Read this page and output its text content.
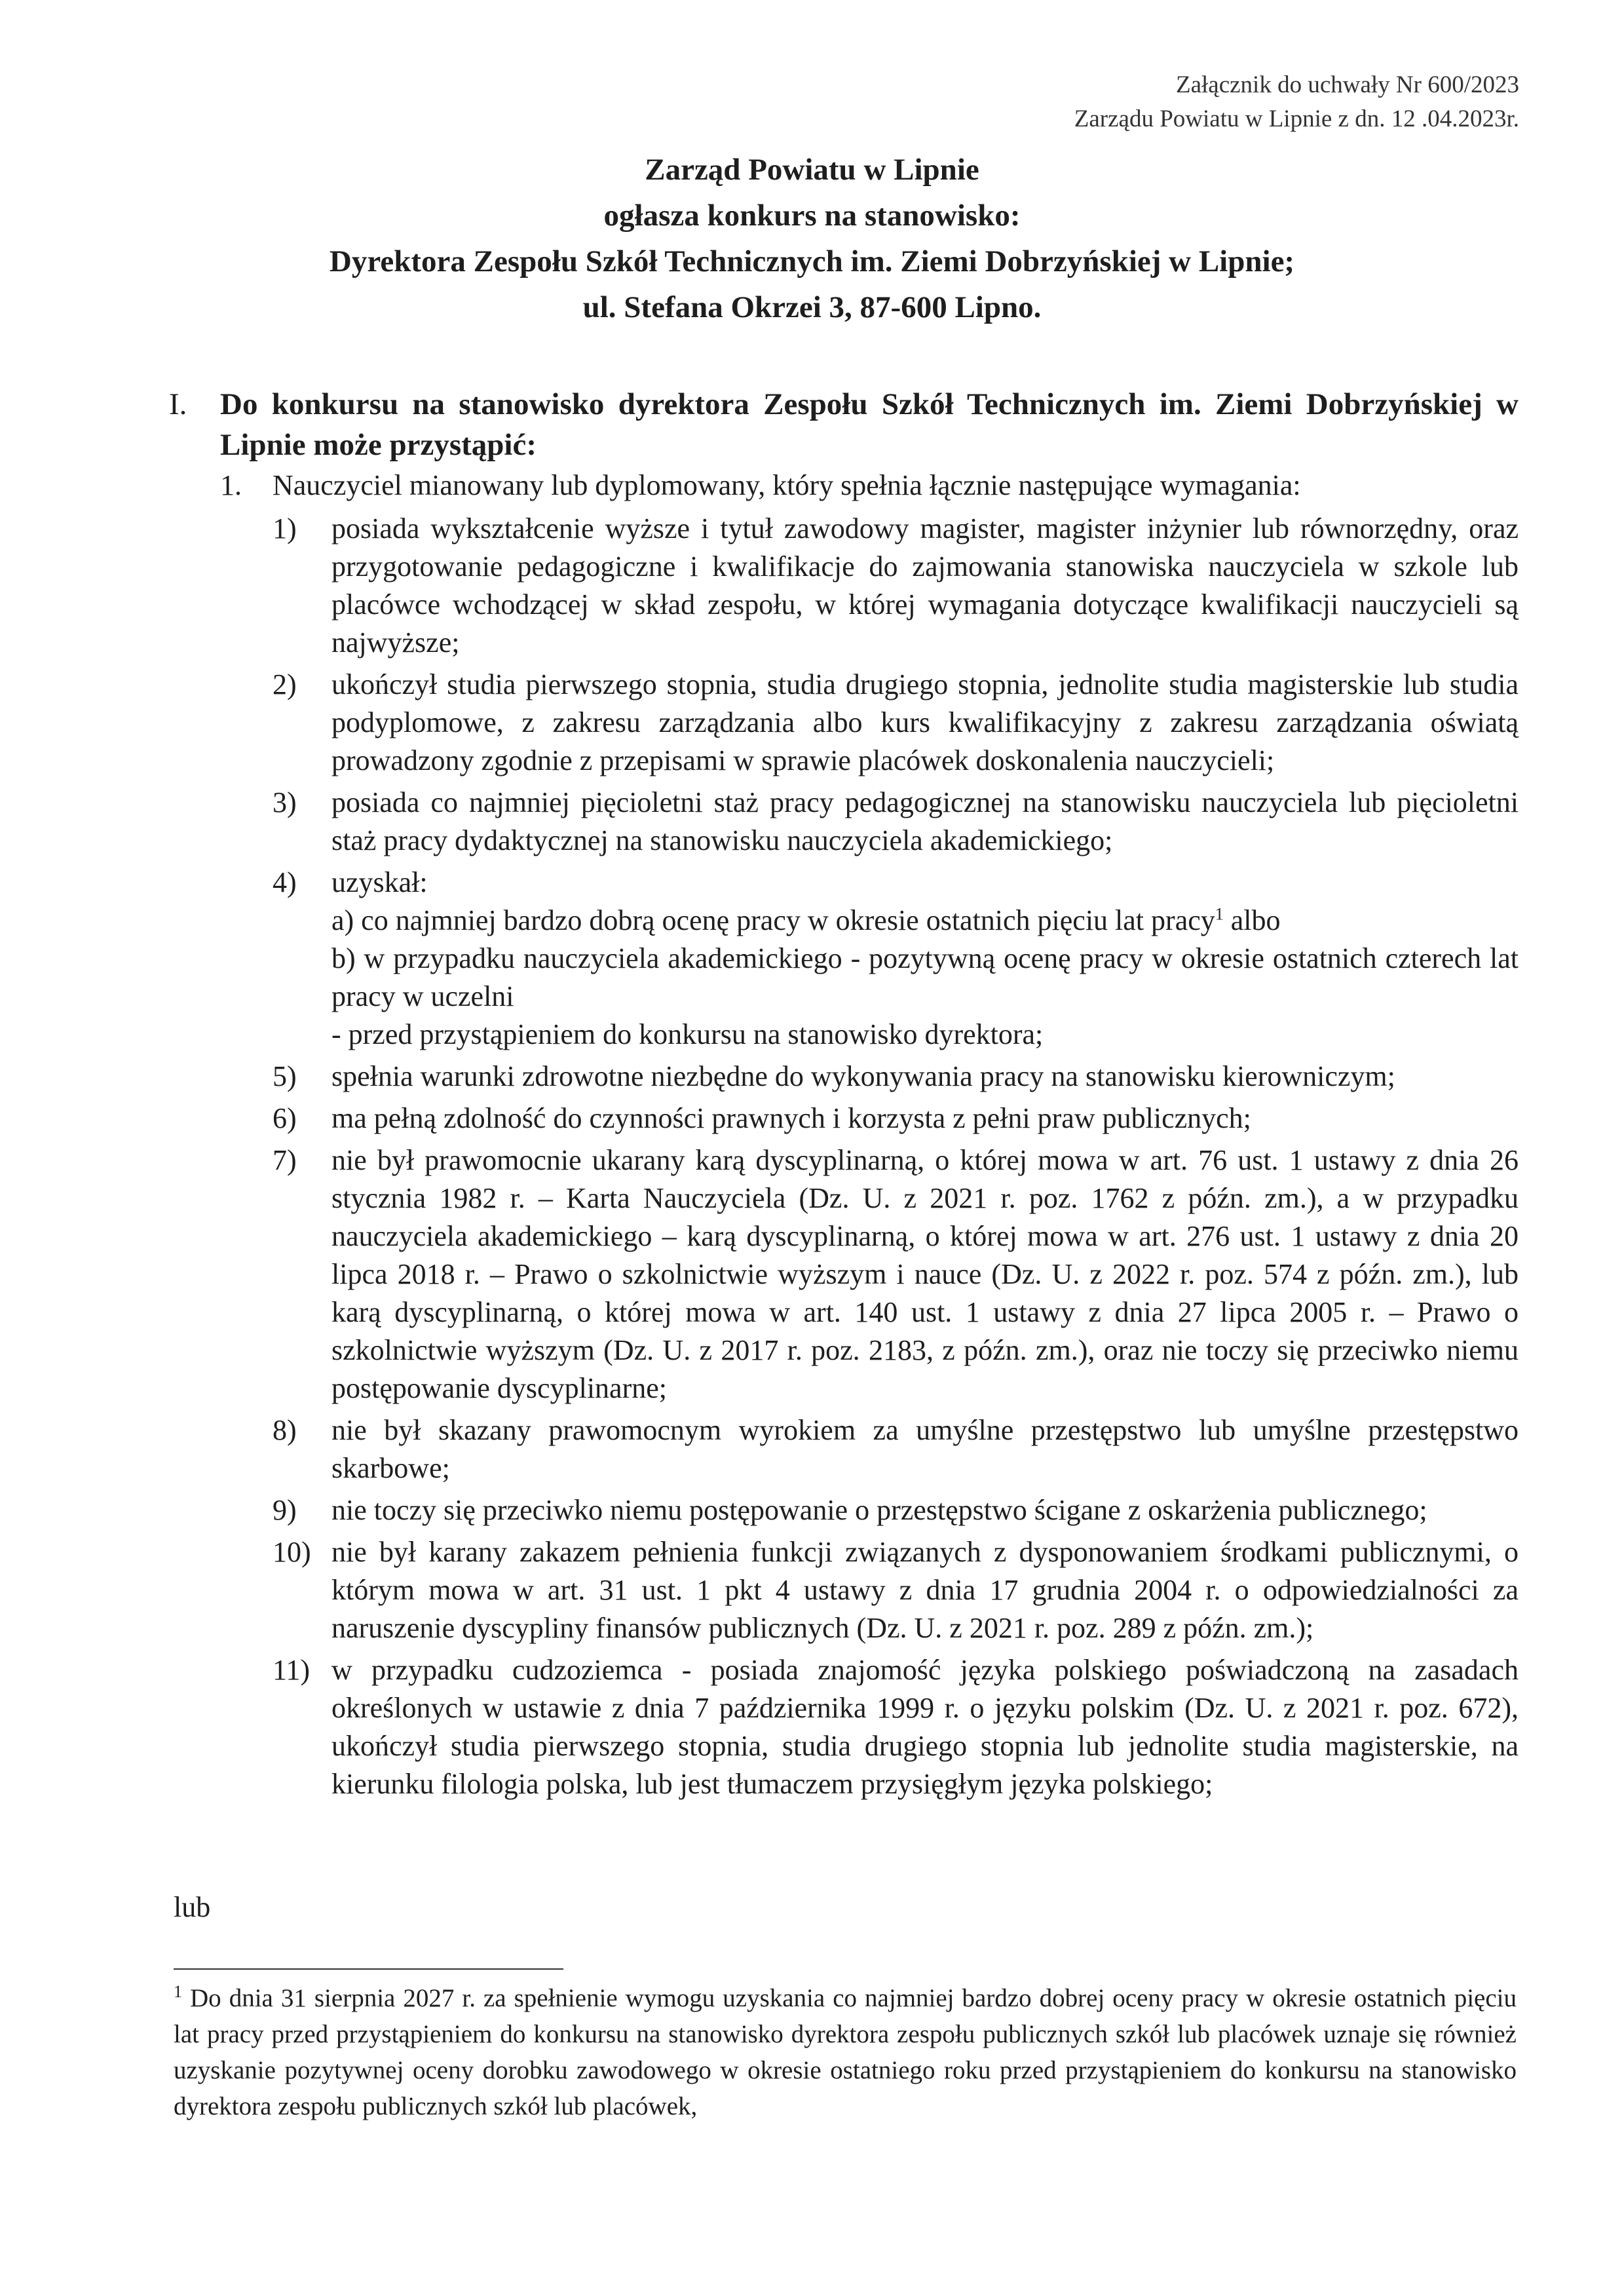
Załącznik do uchwały Nr 600/2023
Zarządu Powiatu w Lipnie z dn. 12 .04.2023r.
Zarząd Powiatu w Lipnie
ogłasza konkurs na stanowisko:
Dyrektora Zespołu Szkół Technicznych im. Ziemi Dobrzyńskiej w Lipnie;
ul. Stefana Okrzei 3, 87-600 Lipno.
I.	Do konkursu na stanowisko dyrektora Zespołu Szkół Technicznych im. Ziemi Dobrzyńskiej w Lipnie może przystąpić:
1.	Nauczyciel mianowany lub dyplomowany, który spełnia łącznie następujące wymagania:
1)	posiada wykształcenie wyższe i tytuł zawodowy magister, magister inżynier lub równorzędny, oraz przygotowanie pedagogiczne i kwalifikacje do zajmowania stanowiska nauczyciela w szkole lub placówce wchodzącej w skład zespołu, w której wymagania dotyczące kwalifikacji nauczycieli są najwyższe;
2)	ukończył studia pierwszego stopnia, studia drugiego stopnia, jednolite studia magisterskie lub studia podyplomowe, z zakresu zarządzania albo kurs kwalifikacyjny z zakresu zarządzania oświatą prowadzony zgodnie z przepisami w sprawie placówek doskonalenia nauczycieli;
3)	posiada co najmniej pięcioletni staż pracy pedagogicznej na stanowisku nauczyciela lub pięcioletni staż pracy dydaktycznej na stanowisku nauczyciela akademickiego;
4)	uzyskał:
a) co najmniej bardzo dobrą ocenę pracy w okresie ostatnich pięciu lat pracy$^1$ albo
b) w przypadku nauczyciela akademickiego - pozytywną ocenę pracy w okresie ostatnich czterech lat pracy w uczelni
- przed przystąpieniem do konkursu na stanowisko dyrektora;
5)	spełnia warunki zdrowotne niezbędne do wykonywania pracy na stanowisku kierowniczym;
6)	ma pełną zdolność do czynności prawnych i korzysta z pełni praw publicznych;
7)	nie był prawomocnie ukarany karą dyscyplinarną, o której mowa w art. 76 ust. 1 ustawy z dnia 26 stycznia 1982 r. – Karta Nauczyciela (Dz. U. z 2021 r. poz. 1762 z późn. zm.), a w przypadku nauczyciela akademickiego – karą dyscyplinarną, o której mowa w art. 276 ust. 1 ustawy z dnia 20 lipca 2018 r. – Prawo o szkolnictwie wyższym i nauce (Dz. U. z 2022 r. poz. 574 z późn. zm.), lub karą dyscyplinarną, o której mowa w art. 140 ust. 1 ustawy z dnia 27 lipca 2005 r. – Prawo o szkolnictwie wyższym (Dz. U. z 2017 r. poz. 2183, z późn. zm.), oraz nie toczy się przeciwko niemu postępowanie dyscyplinarne;
8)	nie był skazany prawomocnym wyrokiem za umyślne przestępstwo lub umyślne przestępstwo skarbowe;
9)	nie toczy się przeciwko niemu postępowanie o przestępstwo ścigane z oskarżenia publicznego;
10) nie był karany zakazem pełnienia funkcji związanych z dysponowaniem środkami publicznymi, o którym mowa w art. 31 ust. 1 pkt 4 ustawy z dnia 17 grudnia 2004 r. o odpowiedzialności za naruszenie dyscypliny finansów publicznych (Dz. U. z 2021 r. poz. 289 z późn. zm.);
11) w przypadku cudzoziemca - posiada znajomość języka polskiego poświadczoną na zasadach określonych w ustawie z dnia 7 października 1999 r. o języku polskim (Dz. U. z 2021 r. poz. 672), ukończył studia pierwszego stopnia, studia drugiego stopnia lub jednolite studia magisterskie, na kierunku filologia polska, lub jest tłumaczem przysięgłym języka polskiego;
lub
$^1$ Do dnia 31 sierpnia 2027 r. za spełnienie wymogu uzyskania co najmniej bardzo dobrej oceny pracy w okresie ostatnich pięciu lat pracy przed przystąpieniem do konkursu na stanowisko dyrektora zespołu publicznych szkół lub placówek uznaje się również uzyskanie pozytywnej oceny dorobku zawodowego w okresie ostatniego roku przed przystąpieniem do konkursu na stanowisko dyrektora zespołu publicznych szkół lub placówek,
